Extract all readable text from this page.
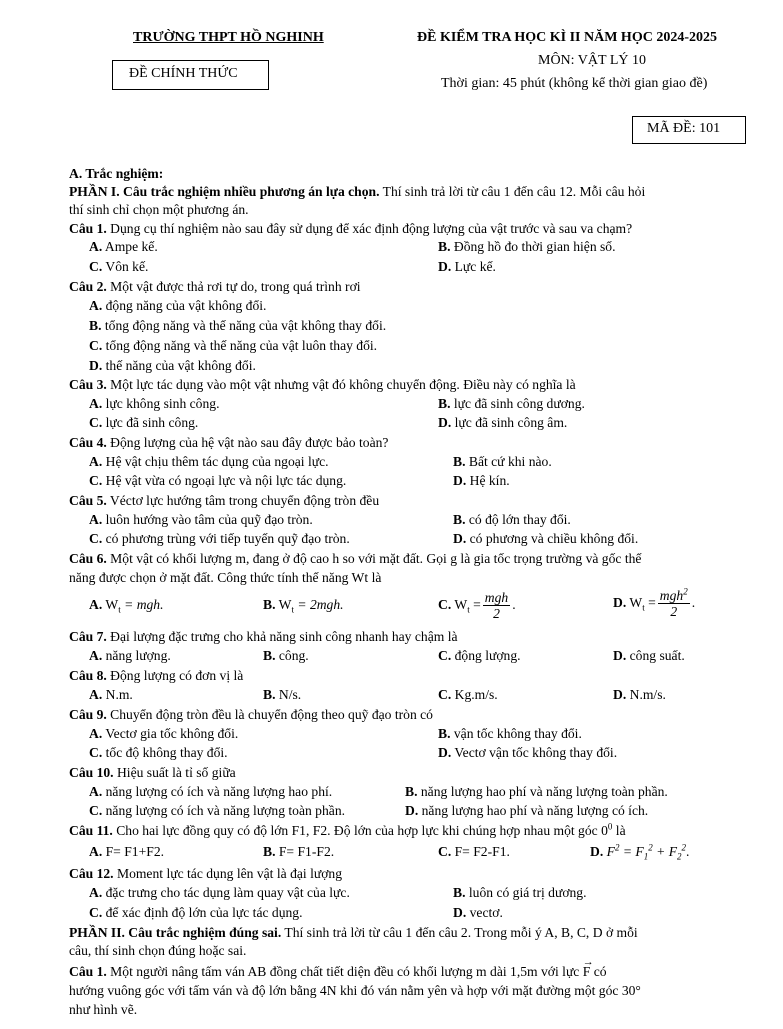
TRƯỜNG THPT HỒ NGHINH
ĐỀ CHÍNH THỨC
ĐỀ KIỂM TRA HỌC KÌ II NĂM HỌC 2024-2025
MÔN: VẬT LÝ 10
Thời gian: 45 phút (không kể thời gian giao đề)
MÃ ĐỀ: 101
A. Trắc nghiệm:
PHẦN I. Câu trắc nghiệm nhiều phương án lựa chọn. Thí sinh trả lời từ câu 1 đến câu 12. Mỗi câu hỏi
thí sinh chỉ chọn một phương án.
Câu 1. Dụng cụ thí nghiệm nào sau đây sử dụng để xác định động lượng của vật trước và sau va chạm?
A. Ampe kế.	B. Đồng hồ đo thời gian hiện số.
C. Vôn kế.	D. Lực kế.
Câu 2. Một vật được thả rơi tự do, trong quá trình rơi
A. động năng của vật không đổi.
B. tổng động năng và thế năng của vật không thay đổi.
C. tổng động năng và thế năng của vật luôn thay đổi.
D. thế năng của vật không đổi.
Câu 3. Một lực tác dụng vào một vật nhưng vật đó không chuyển động. Điều này có nghĩa là
A. lực không sinh công.	B. lực đã sinh công dương.
C. lực đã sinh công.	D. lực đã sinh công âm.
Câu 4. Động lượng của hệ vật nào sau đây được bảo toàn?
A. Hệ vật chịu thêm tác dụng của ngoại lực.	B. Bất cứ khi nào.
C. Hệ vật vừa có ngoại lực và nội lực tác dụng.	D. Hệ kín.
Câu 5. Véctơ lực hướng tâm trong chuyển động tròn đều
A. luôn hướng vào tâm của quỹ đạo tròn.	B. có độ lớn thay đổi.
C. có phương trùng với tiếp tuyến quỹ đạo tròn.	D. có phương và chiều không đổi.
Câu 6. Một vật có khối lượng m, đang ở độ cao h so với mặt đất. Gọi g là gia tốc trọng trường và gốc thế
năng được chọn ở mặt đất. Công thức tính thế năng Wt là
A. $W_t$ = mgh.	B. $W_t = 2mgh$.	C. $W_t = \frac{\text{mgh}}{2}$ .	D. $W_t = \frac{mgh^2}{2}$ .
Câu 7. Đại lượng đặc trưng cho khả năng sinh công nhanh hay chậm là
A. năng lượng.	B. công.	C. động lượng.	D. công suất.
Câu 8. Động lượng có đơn vị là
A. N.m.	B. N/s.	C. Kg.m/s.	D. N.m/s.
Câu 9. Chuyển động tròn đều là chuyển động theo quỹ đạo tròn có
A. Vectơ gia tốc không đổi.	B. vận tốc không thay đổi.
C. tốc độ không thay đổi.	D. Vectơ vận tốc không thay đổi.
Câu 10. Hiệu suất là tỉ số giữa
A. năng lượng có ích và năng lượng hao phí.	B. năng lượng hao phí và năng lượng toàn phần.
C. năng lượng có ích và năng lượng toàn phần.	D. năng lượng hao phí và năng lượng có ích.
Câu 11. Cho hai lực đồng quy có độ lớn F1, F2. Độ lớn của hợp lực khi chúng hợp nhau một góc $0^0$ là
A. F= F1+F2.	B. F= F1-F2.	C. F= F2-F1.	D. $F^2 = F_1^2 + F_2^2$.
Câu 12. Moment lực tác dụng lên vật là đại lượng
A. đặc trưng cho tác dụng làm quay vật của lực.	B. luôn có giá trị dương.
C. để xác định độ lớn của lực tác dụng.	D. vectơ.
PHẦN II. Câu trắc nghiệm đúng sai. Thí sinh trả lời từ câu 1 đến câu 2. Trong mỗi ý A, B, C, D ở mỗi
câu, thí sinh chọn đúng hoặc sai.
Câu 1. Một người nâng tấm ván AB đồng chất tiết diện đều có khối lượng m dài 1,5m với lực
→
F có
hướng vuông góc với tấm ván và độ lớn bằng 4N khi đó ván nằm yên và hợp với mặt đường một góc 30°
như hình vẽ.
